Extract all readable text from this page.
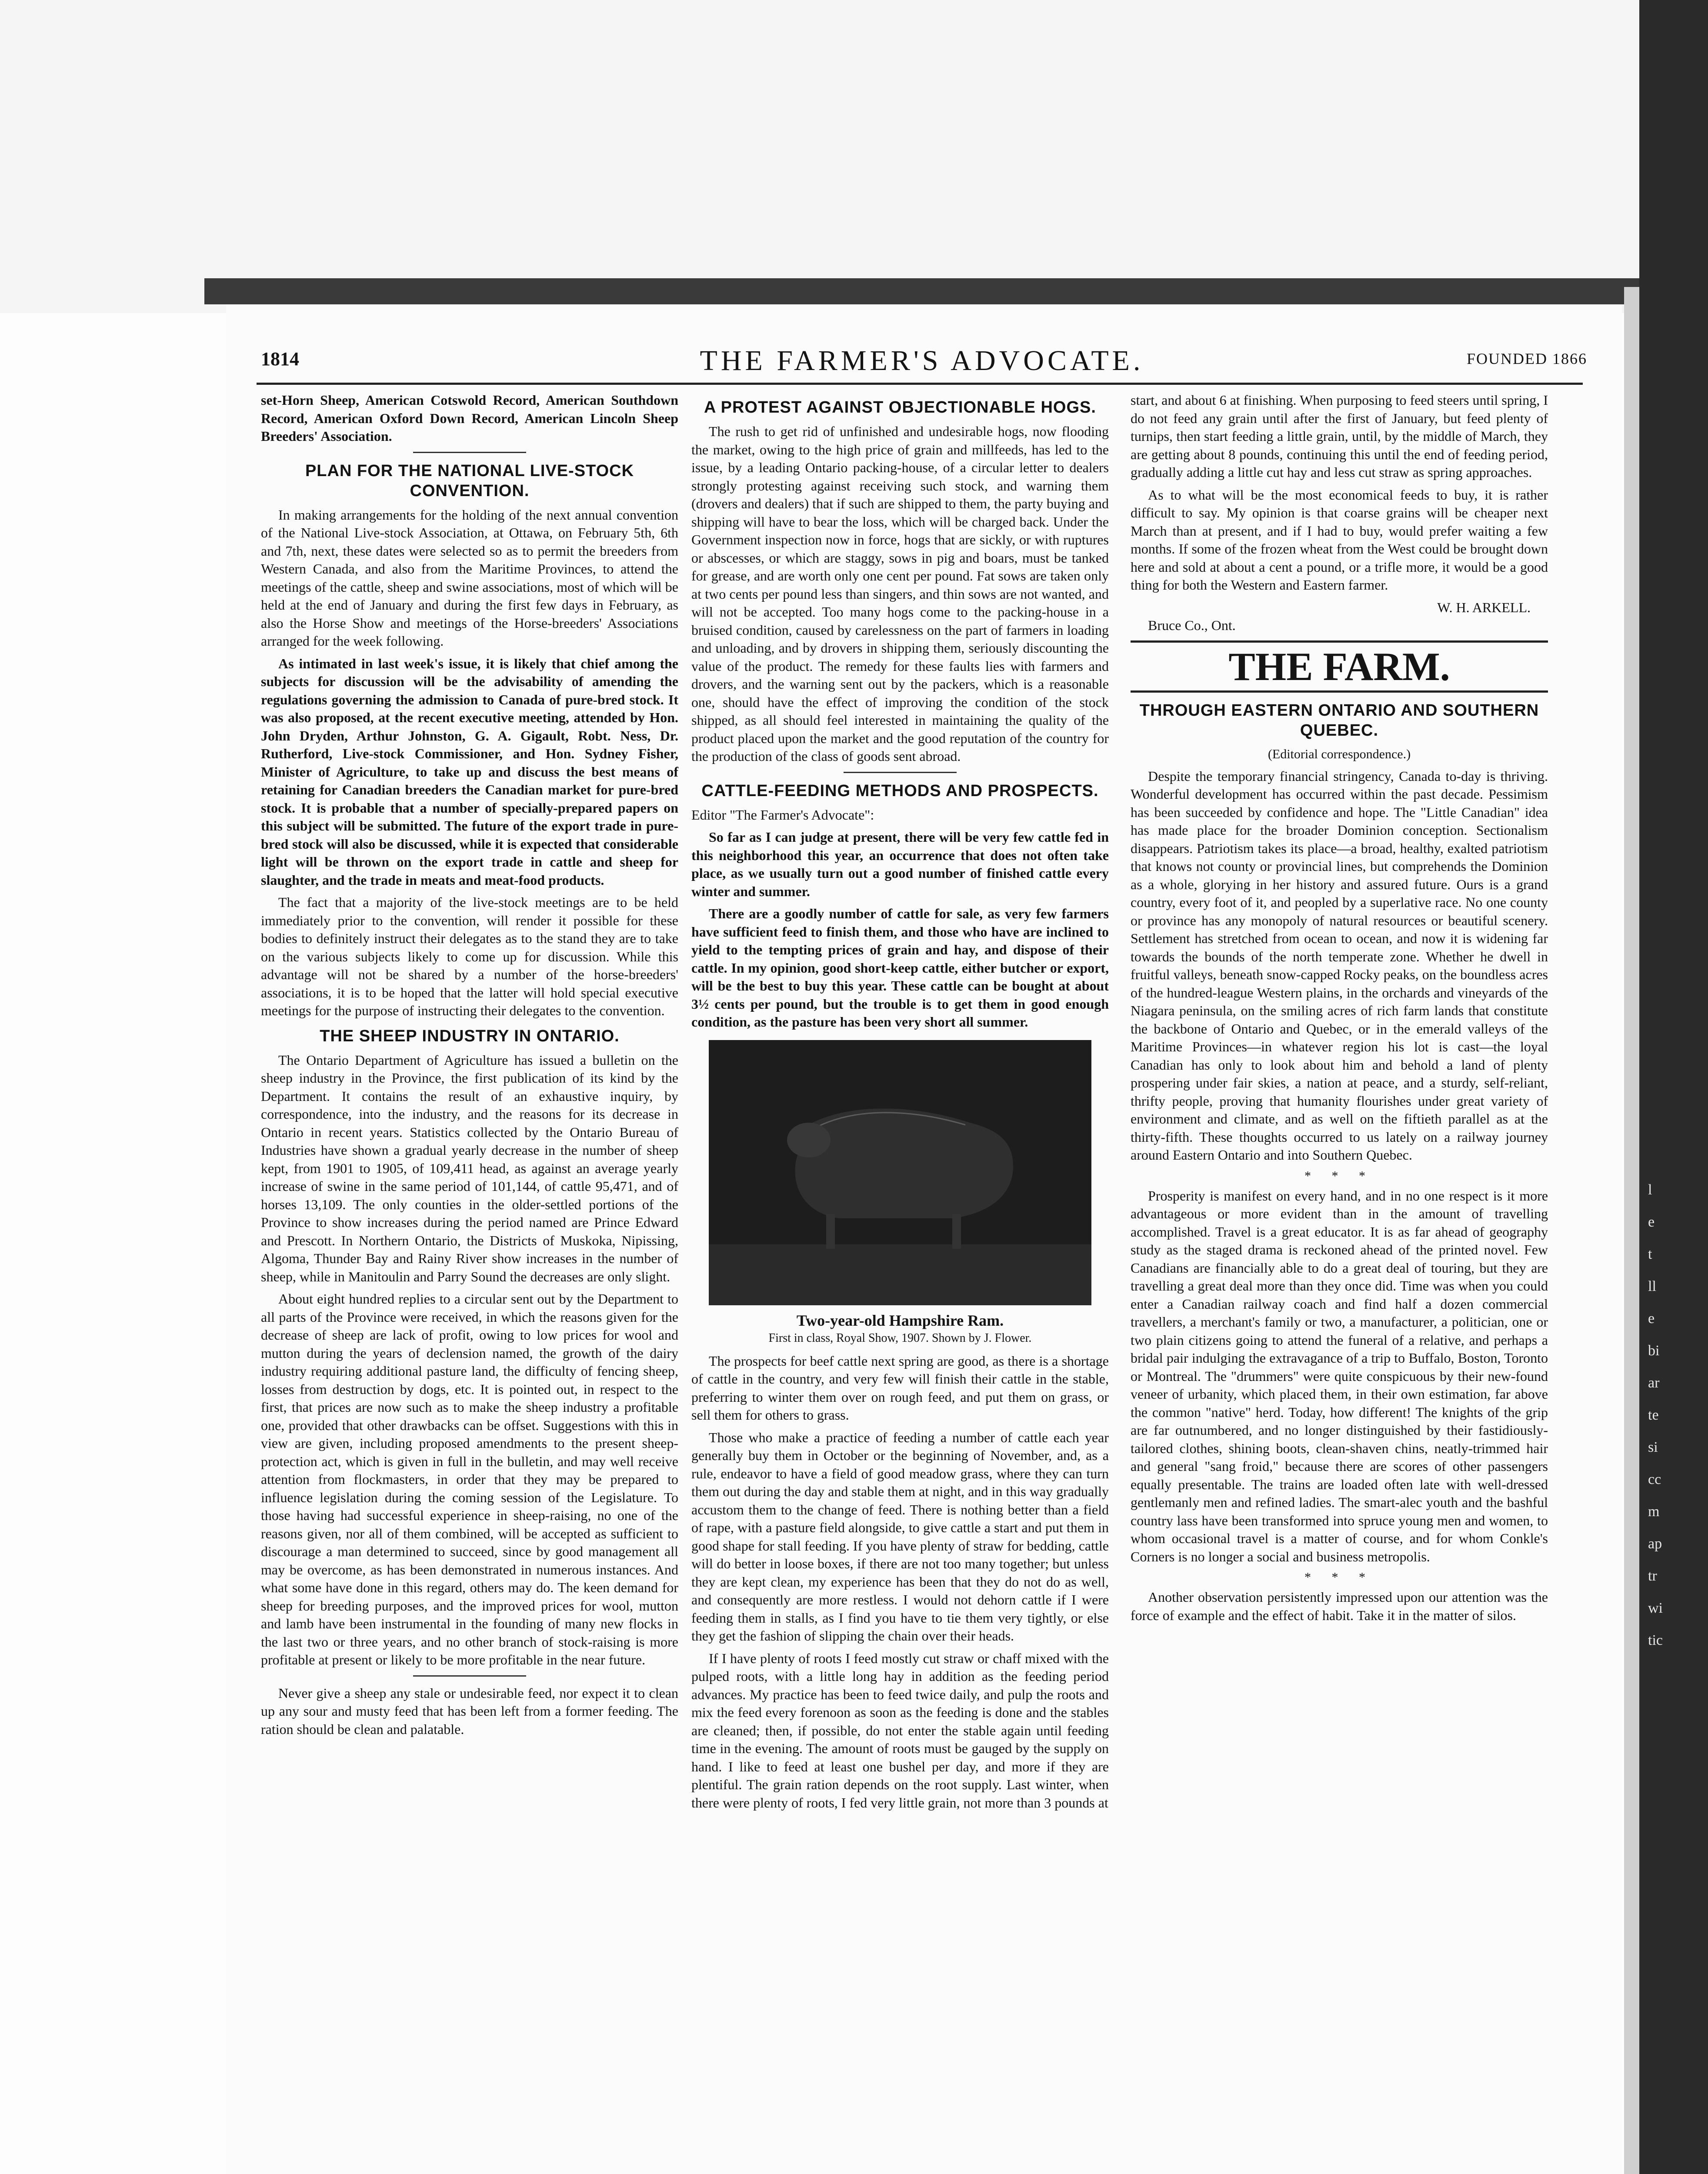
1814	THE FARMER'S ADVOCATE.	FOUNDED 1866

set-Horn Sheep, American Cotswold Record, American Southdown Record, American Oxford Down Record, American Lincoln Sheep Breeders' Association.

PLAN FOR THE NATIONAL LIVE-STOCK CONVENTION.

In making arrangements for the holding of the next annual convention of the National Live-stock Association, at Ottawa, on February 5th, 6th and 7th, next, these dates were selected so as to permit the breeders from Western Canada, and also from the Maritime Provinces, to attend the meetings of the cattle, sheep and swine associations, most of which will be held at the end of January and during the first few days in February, as also the Horse Show and meetings of the Horse-breeders' Associations arranged for the week following.

As intimated in last week's issue, it is likely that chief among the subjects for discussion will be the advisability of amending the regulations governing the admission to Canada of pure-bred stock. It was also proposed, at the recent executive meeting, attended by Hon. John Dryden, Arthur Johnston, G. A. Gigault, Robt. Ness, Dr. Rutherford, Live-stock Commissioner, and Hon. Sydney Fisher, Minister of Agriculture, to take up and discuss the best means of retaining for Canadian breeders the Canadian market for pure-bred stock. It is probable that a number of specially-prepared papers on this subject will be submitted. The future of the export trade in pure-bred stock will also be discussed, while it is expected that considerable light will be thrown on the export trade in cattle and sheep for slaughter, and the trade in meats and meat-food products.

The fact that a majority of the live-stock meetings are to be held immediately prior to the convention, will render it possible for these bodies to definitely instruct their delegates as to the stand they are to take on the various subjects likely to come up for discussion. While this advantage will not be shared by a number of the horse-breeders' associations, it is to be hoped that the latter will hold special executive meetings for the purpose of instructing their delegates to the convention.

THE SHEEP INDUSTRY IN ONTARIO.

The Ontario Department of Agriculture has issued a bulletin on the sheep industry in the Province, the first publication of its kind by the Department. It contains the result of an exhaustive inquiry, by correspondence, into the industry, and the reasons for its decrease in Ontario in recent years. Statistics collected by the Ontario Bureau of Industries have shown a gradual yearly decrease in the number of sheep kept, from 1901 to 1905, of 109,411 head, as against an average yearly increase of swine in the same period of 101,144, of cattle 95,471, and of horses 13,109. The only counties in the older-settled portions of the Province to show increases during the period named are Prince Edward and Prescott. In Northern Ontario, the Districts of Muskoka, Nipissing, Algoma, Thunder Bay and Rainy River show increases in the number of sheep, while in Manitoulin and Parry Sound the decreases are only slight.

About eight hundred replies to a circular sent out by the Department to all parts of the Province were received, in which the reasons given for the decrease of sheep are lack of profit, owing to low prices for wool and mutton during the years of declension named, the growth of the dairy industry requiring additional pasture land, the difficulty of fencing sheep, losses from destruction by dogs, etc. It is pointed out, in respect to the first, that prices are now such as to make the sheep industry a profitable one, provided that other drawbacks can be offset. Suggestions with this in view are given, including proposed amendments to the present sheep-protection act, which is given in full in the bulletin, and may well receive attention from flockmasters, in order that they may be prepared to influence legislation during the coming session of the Legislature. To those having had successful experience in sheep-raising, no one of the reasons given, nor all of them combined, will be accepted as sufficient to discourage a man determined to succeed, since by good management all may be overcome, as has been demonstrated in numerous instances. And what some have done in this regard, others may do. The keen demand for sheep for breeding purposes, and the improved prices for wool, mutton and lamb have been instrumental in the founding of many new flocks in the last two or three years, and no other branch of stock-raising is more profitable at present or likely to be more profitable in the near future.

Never give a sheep any stale or undesirable feed, nor expect it to clean up any sour and musty feed that has been left from a former feeding. The ration should be clean and palatable.

A PROTEST AGAINST OBJECTIONABLE HOGS.

The rush to get rid of unfinished and undesirable hogs, now flooding the market, owing to the high price of grain and millfeeds, has led to the issue, by a leading Ontario packing-house, of a circular letter to dealers strongly protesting against receiving such stock, and warning them (drovers and dealers) that if such are shipped to them, the party buying and shipping will have to bear the loss, which will be charged back. Under the Government inspection now in force, hogs that are sickly, or with ruptures or abscesses, or which are staggy, sows in pig and boars, must be tanked for grease, and are worth only one cent per pound. Fat sows are taken only at two cents per pound less than singers, and thin sows are not wanted, and will not be accepted. Too many hogs come to the packing-house in a bruised condition, caused by carelessness on the part of farmers in loading and unloading, and by drovers in shipping them, seriously discounting the value of the product. The remedy for these faults lies with farmers and drovers, and the warning sent out by the packers, which is a reasonable one, should have the effect of improving the condition of the stock shipped, as all should feel interested in maintaining the quality of the product placed upon the market and the good reputation of the country for the production of the class of goods sent abroad.

CATTLE-FEEDING METHODS AND PROSPECTS.

Editor "The Farmer's Advocate":

So far as I can judge at present, there will be very few cattle fed in this neighborhood this year, an occurrence that does not often take place, as we usually turn out a good number of finished cattle every winter and summer.

There are a goodly number of cattle for sale, as very few farmers have sufficient feed to finish them, and those who have are inclined to yield to the tempting prices of grain and hay, and dispose of their cattle. In my opinion, good short-keep cattle, either butcher or export, will be the best to buy this year. These cattle can be bought at about 3½ cents per pound, but the trouble is to get them in good enough condition, as the pasture has been very short all summer.

Two-year-old Hampshire Ram.
First in class, Royal Show, 1907. Shown by J. Flower.

The prospects for beef cattle next spring are good, as there is a shortage of cattle in the country, and very few will finish their cattle in the stable, preferring to winter them over on rough feed, and put them on grass, or sell them for others to grass.

Those who make a practice of feeding a number of cattle each year generally buy them in October or the beginning of November, and, as a rule, endeavor to have a field of good meadow grass, where they can turn them out during the day and stable them at night, and in this way gradually accustom them to the change of feed. There is nothing better than a field of rape, with a pasture field alongside, to give cattle a start and put them in good shape for stall feeding. If you have plenty of straw for bedding, cattle will do better in loose boxes, if there are not too many together; but unless they are kept clean, my experience has been that they do not do as well, and consequently are more restless. I would not dehorn cattle if I were feeding them in stalls, as I find you have to tie them very tightly, or else they get the fashion of slipping the chain over their heads.

If I have plenty of roots I feed mostly cut straw or chaff mixed with the pulped roots, with a little long hay in addition as the feeding period advances. My practice has been to feed twice daily, and pulp the roots and mix the feed every forenoon as soon as the feeding is done and the stables are cleaned; then, if possible, do not enter the stable again until feeding time in the evening. The amount of roots must be gauged by the supply on hand. I like to feed at least one bushel per day, and more if they are plentiful. The grain ration depends on the root supply. Last winter, when there were plenty of roots, I fed very little grain, not more than 3 pounds at

start, and about 6 at finishing. When purposing to feed steers until spring, I do not feed any grain until after the first of January, but feed plenty of turnips, then start feeding a little grain, until, by the middle of March, they are getting about 8 pounds, continuing this until the end of feeding period, gradually adding a little cut hay and less cut straw as spring approaches.

As to what will be the most economical feeds to buy, it is rather difficult to say. My opinion is that coarse grains will be cheaper next March than at present, and if I had to buy, would prefer waiting a few months. If some of the frozen wheat from the West could be brought down here and sold at about a cent a pound, or a trifle more, it would be a good thing for both the Western and Eastern farmer.

W. H. ARKELL.
Bruce Co., Ont.
THE FARM.
THROUGH EASTERN ONTARIO AND SOUTHERN QUEBEC.
(Editorial correspondence.)

Despite the temporary financial stringency, Canada to-day is thriving. Wonderful development has occurred within the past decade. Pessimism has been succeeded by confidence and hope. The "Little Canadian" idea has made place for the broader Dominion conception. Sectionalism disappears. Patriotism takes its place—a broad, healthy, exalted patriotism that knows not county or provincial lines, but comprehends the Dominion as a whole, glorying in her history and assured future. Ours is a grand country, every foot of it, and peopled by a superlative race. No one county or province has any monopoly of natural resources or beautiful scenery. Settlement has stretched from ocean to ocean, and now it is widening far towards the bounds of the north temperate zone. Whether he dwell in fruitful valleys, beneath snow-capped Rocky peaks, on the boundless acres of the hundred-league Western plains, in the orchards and vineyards of the Niagara peninsula, on the smiling acres of rich farm lands that constitute the backbone of Ontario and Quebec, or in the emerald valleys of the Maritime Provinces—in whatever region his lot is cast—the loyal Canadian has only to look about him and behold a land of plenty prospering under fair skies, a nation at peace, and a sturdy, self-reliant, thrifty people, proving that humanity flourishes under great variety of environment and climate, and as well on the fiftieth parallel as at the thirty-fifth. These thoughts occurred to us lately on a railway journey around Eastern Ontario and into Southern Quebec.

* * *

Prosperity is manifest on every hand, and in no one respect is it more advantageous or more evident than in the amount of travelling accomplished. Travel is a great educator. It is as far ahead of geography study as the staged drama is reckoned ahead of the printed novel. Few Canadians are financially able to do a great deal of touring, but they are travelling a great deal more than they once did. Time was when you could enter a Canadian railway coach and find half a dozen commercial travellers, a merchant's family or two, a manufacturer, a politician, one or two plain citizens going to attend the funeral of a relative, and perhaps a bridal pair indulging the extravagance of a trip to Buffalo, Boston, Toronto or Montreal. The "drummers" were quite conspicuous by their new-found veneer of urbanity, which placed them, in their own estimation, far above the common "native" herd. Today, how different! The knights of the grip are far outnumbered, and no longer distinguished by their fastidiously-tailored clothes, shining boots, clean-shaven chins, neatly-trimmed hair and general "sang froid," because there are scores of other passengers equally presentable. The trains are loaded often late with well-dressed gentlemanly men and refined ladies. The smart-alec youth and the bashful country lass have been transformed into spruce young men and women, to whom occasional travel is a matter of course, and for whom Conkle's Corners is no longer a social and business metropolis.

* * *

Another observation persistently impressed upon our attention was the force of example and the effect of habit. Take it in the matter of silos.

l
e
t
ll
e
bi
ar
te
si
cc
m
ap
tr
wi
tic
